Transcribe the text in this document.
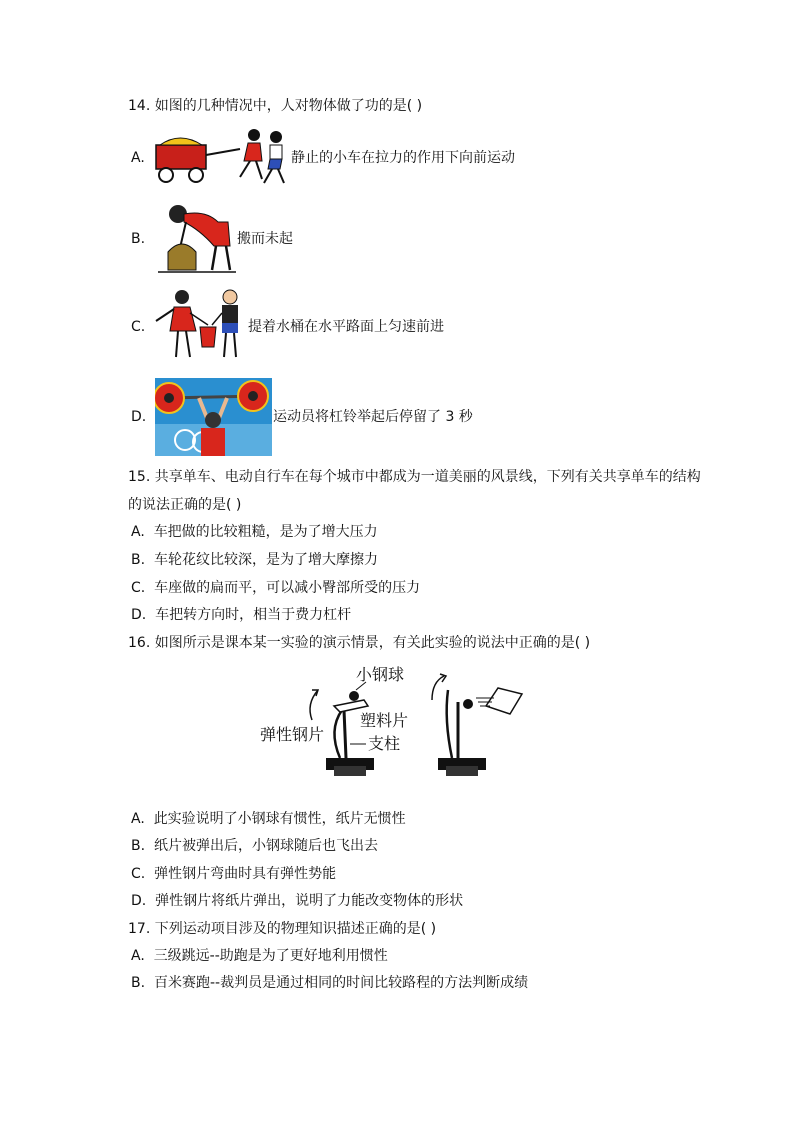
14. 如图的几种情况中，人对物体做了功的是( )
A.	静止的小车在拉力的作用下向前运动
B.	搬而未起
C.	提着水桶在水平路面上匀速前进
D.	运动员将杠铃举起后停留了 3 秒
15. 共享单车、电动自行车在每个城市中都成为一道美丽的风景线，下列有关共享单车的结构
的说法正确的是( )
A. 车把做的比较粗糙，是为了增大压力
B. 车轮花纹比较深，是为了增大摩擦力
C. 车座做的扁而平，可以减小臀部所受的压力
D. 车把转方向时，相当于费力杠杆
16. 如图所示是课本某一实验的演示情景，有关此实验的说法中正确的是( )
小钢球
塑料片
支柱
弹性钢片
A. 此实验说明了小钢球有惯性，纸片无惯性
B. 纸片被弹出后，小钢球随后也飞出去
C. 弹性钢片弯曲时具有弹性势能
D. 弹性钢片将纸片弹出，说明了力能改变物体的形状
17. 下列运动项目涉及的物理知识描述正确的是( )
A. 三级跳远--助跑是为了更好地利用惯性
B. 百米赛跑--裁判员是通过相同的时间比较路程的方法判断成绩
